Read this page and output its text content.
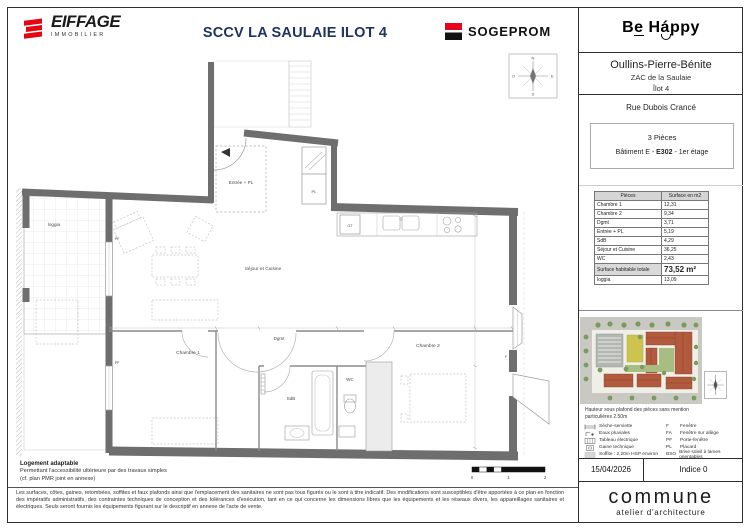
EIFFAGE
IMMOBILIER	SCCV LA SAULAIE ILOT 4	SOGEPROM	Be Há
ppy
Oullins-Pierre-Bénite
ZAC de la Saulaie
Îlot 4
Rue Dubois Crancé
3 Pièces
Bâtiment E - E302 - 1er étage
Pièces	Surface en m2
Chambre 1	12,31
Chambre 2	9,34
Dgmt	3,71
Entrée + PL	5,19
SdB	4,29
Séjour et Cuisine	36,25
WC	2,43
Surface habitable totale	73,52 m²
loggia	13,09
Hauteur sous plafond des pièces sans mention particulières 2.50m
Sèche-serviette
Eaux pluviales
Tableau électrique
Gaine technique
Soffite : 2,20m HSP environ
F	Fenêtre
FA	Fenêtre sur allège
PF	Porte-fenêtre
PL	Placard
BSO Brise soleil à lames orientables
15/04/2026	Indice 0
commune
atelier d'architecture
loggia
Entrée + PL
PL
GT
Séjour et Cuisine
Chambre 1
Dgmt
SdB
WC
Chambre 2
F
PF
PF
N
E
S
O
0	1	2
Logement adaptable
Permettant l'accessibilité ultérieure par des travaux simples
(cf. plan PMR joint en annexe)
Les surfaces, côtes, gaines, retombées, soffites et faux plafonds ainsi que l'emplacement des sanitaires ne sont pas tous figurés ou le sont à titre indicatif. Des modifications sont susceptibles d'être apportées à ce plan en fonction des impératifs administratifs, des contraintes techniques de conception et des tolérances d'exécution, tant en ce qui concerne les dimensions libres que les équipements et les réseaux divers, les appareillages sanitaires et électriques. Seuls seront fournis les équipements figurant sur le descriptif en annexe de l'acte de vente.
